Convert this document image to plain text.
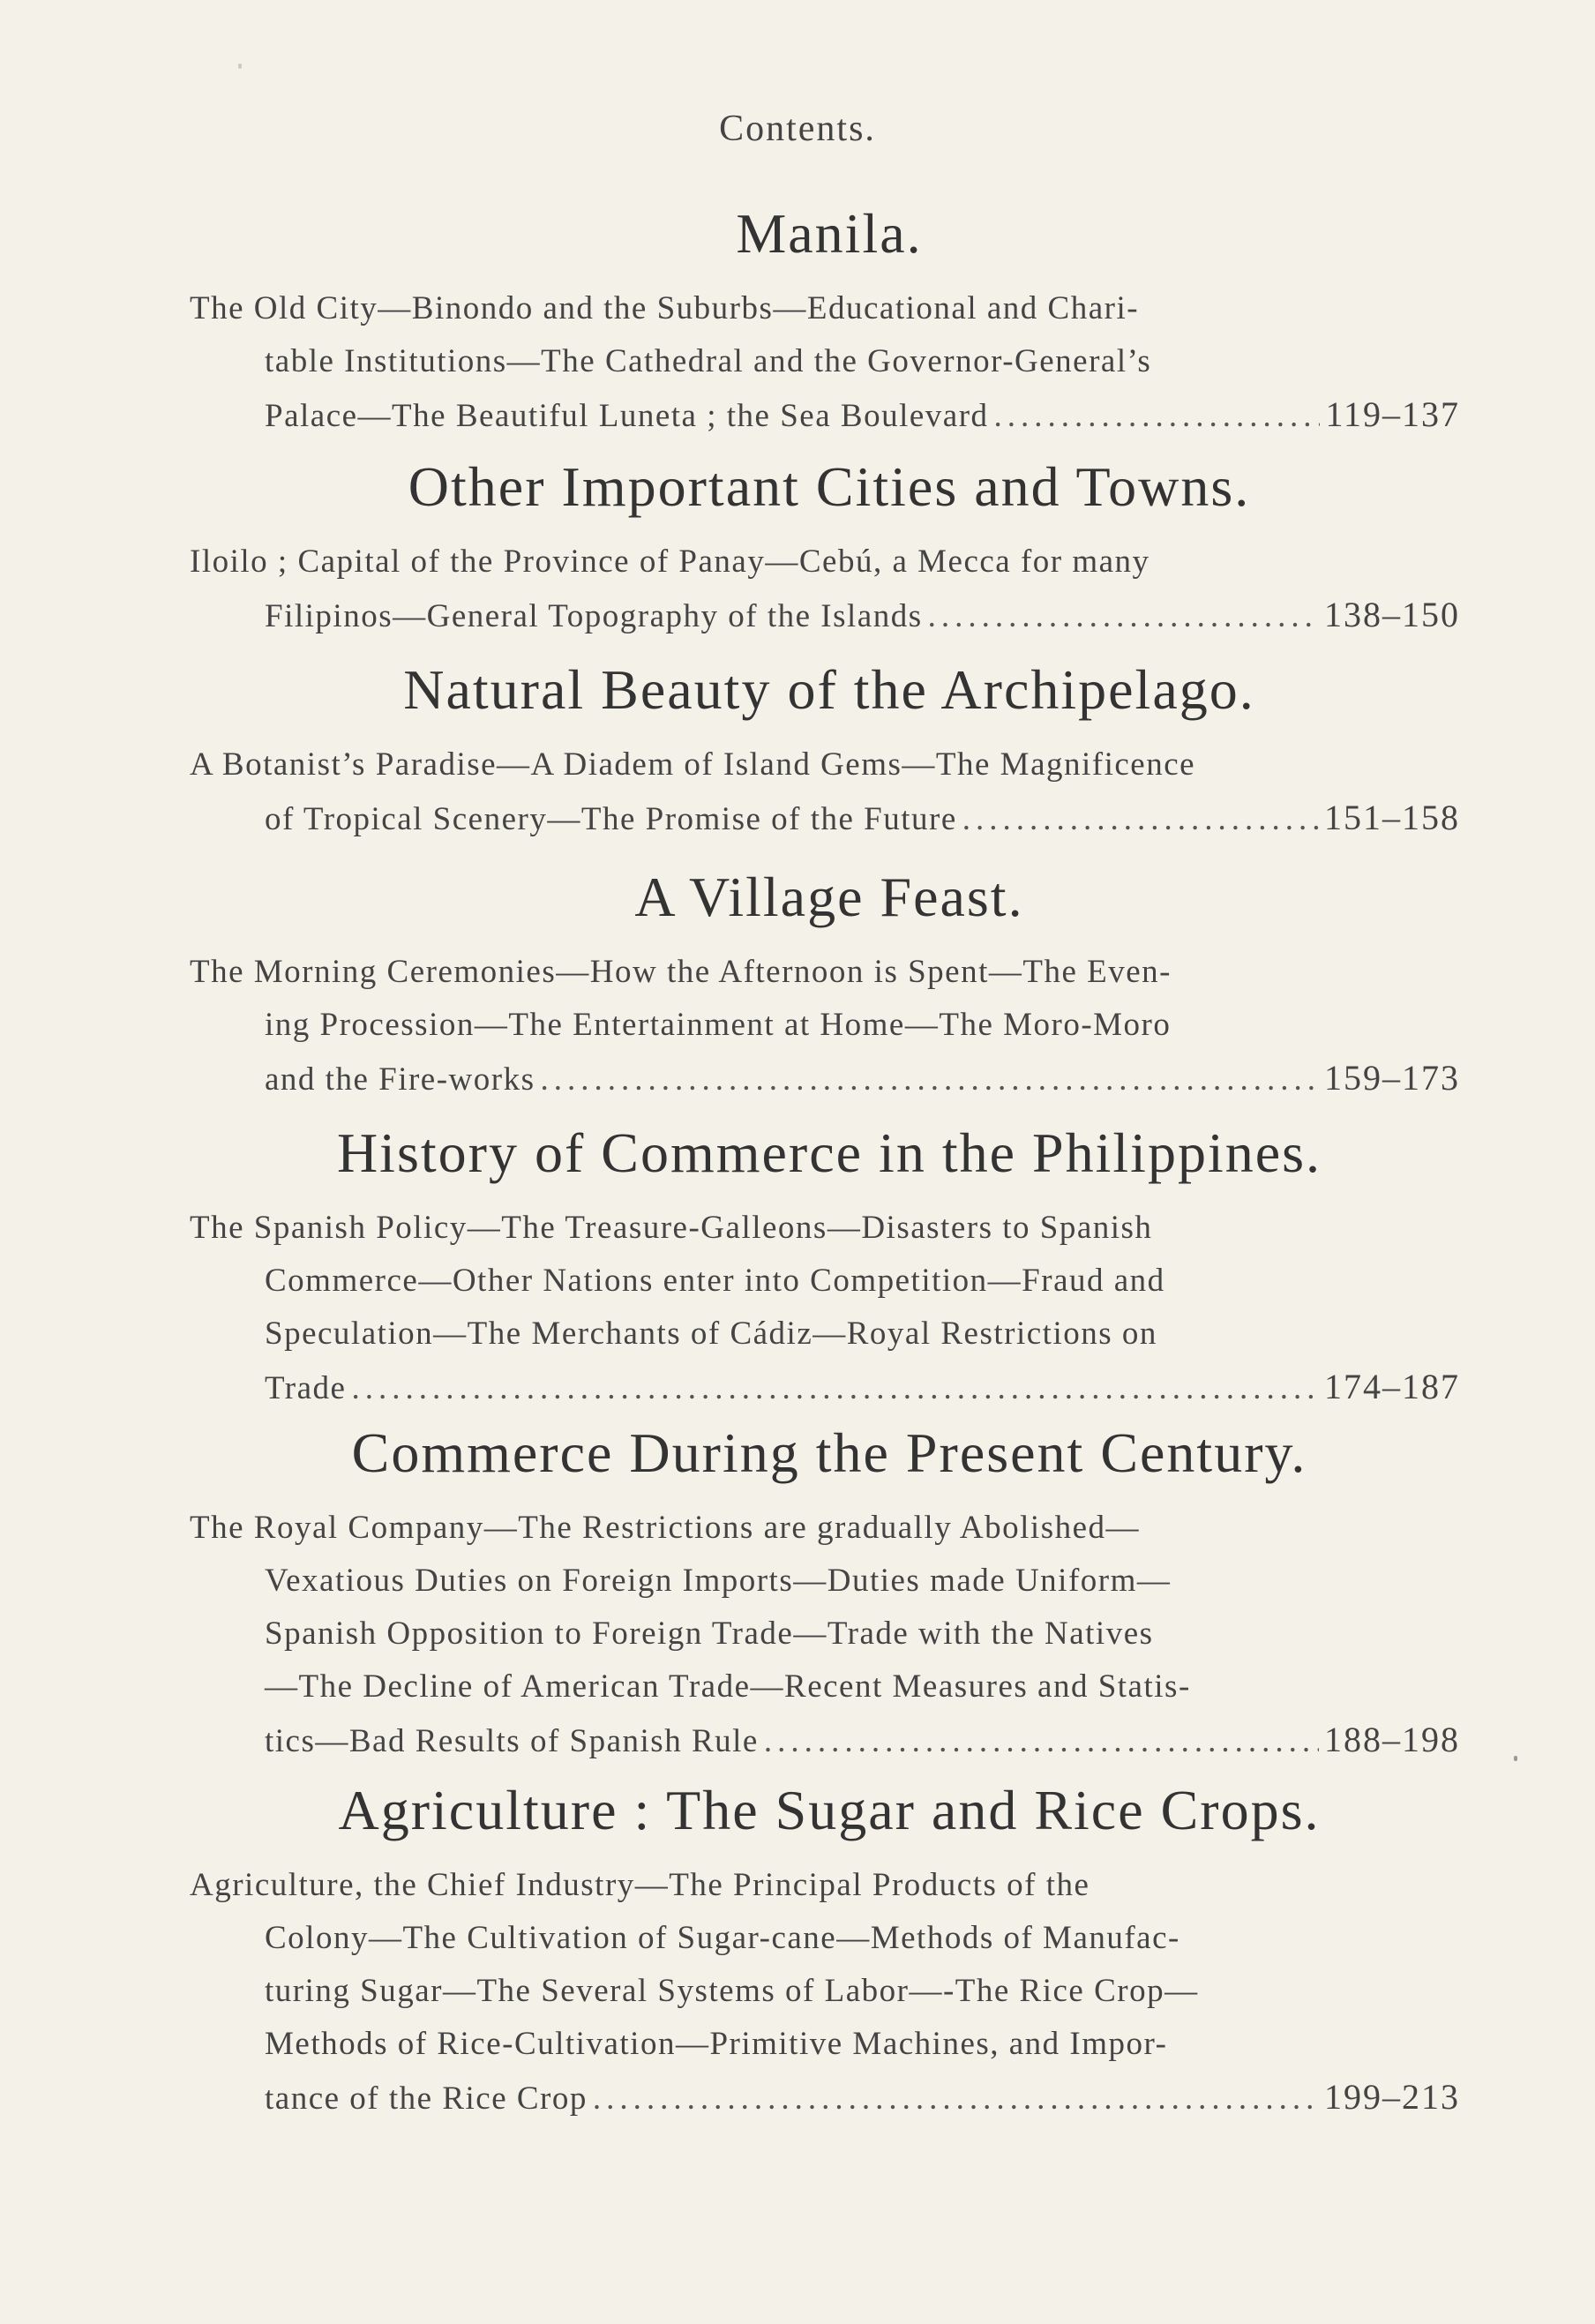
Contents.
Manila.
The Old City—Binondo and the Suburbs—Educational and Chari-
table Institutions—The Cathedral and the Governor-General’s
Palace—The Beautiful Luneta ; the Sea Boulevard .....	119–137
Other Important Cities and Towns.
Iloilo ; Capital of the Province of Panay—Cebú, a Mecca for many
Filipinos—General Topography of the Islands .....	138–150
Natural Beauty of the Archipelago.
A Botanist’s Paradise—A Diadem of Island Gems—The Magnificence
of Tropical Scenery—The Promise of the Future .....	151–158
A Village Feast.
The Morning Ceremonies—How the Afternoon is Spent—The Even-
ing Procession—The Entertainment at Home—The Moro-Moro
and the Fire-works .....	159–173
History of Commerce in the Philippines.
The Spanish Policy—The Treasure-Galleons—Disasters to Spanish
Commerce—Other Nations enter into Competition—Fraud and
Speculation—The Merchants of Cádiz—Royal Restrictions on
Trade .....	174–187
Commerce During the Present Century.
The Royal Company—The Restrictions are gradually Abolished—
Vexatious Duties on Foreign Imports—Duties made Uniform—
Spanish Opposition to Foreign Trade—Trade with the Natives
—The Decline of American Trade—Recent Measures and Statis-
tics—Bad Results of Spanish Rule .....	188–198
Agriculture : The Sugar and Rice Crops.
Agriculture, the Chief Industry—The Principal Products of the
Colony—The Cultivation of Sugar-cane—Methods of Manufac-
turing Sugar—The Several Systems of Labor—-The Rice Crop—
Methods of Rice-Cultivation—Primitive Machines, and Impor-
tance of the Rice Crop .....	199–213
